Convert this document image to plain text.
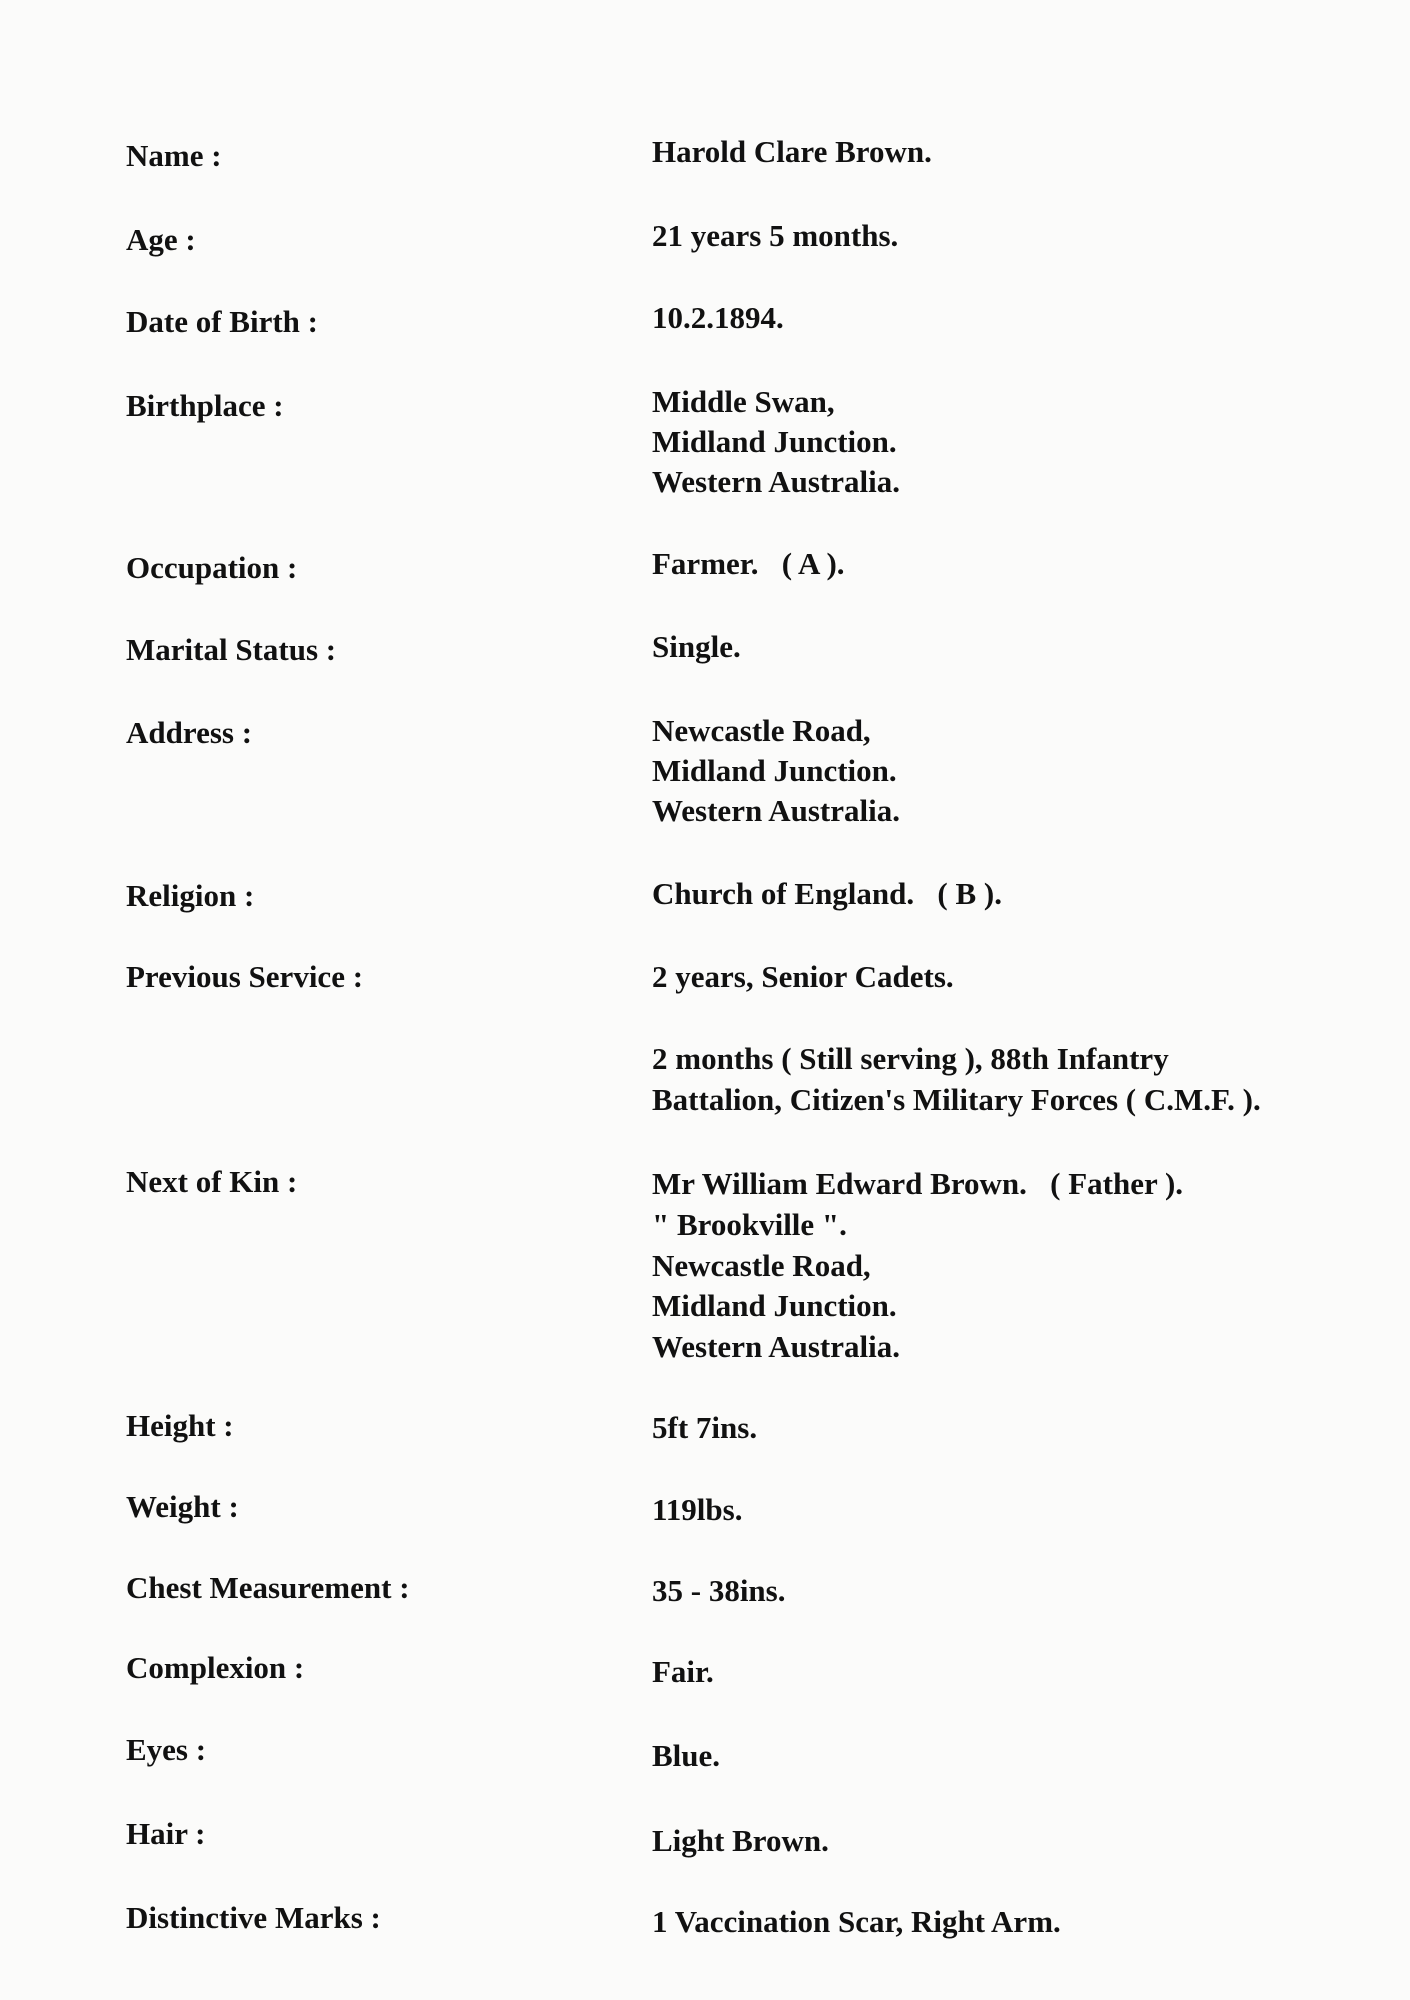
Name :	Harold Clare Brown.
Age :	21 years 5 months.
Date of Birth :	10.2.1894.
Birthplace :	Middle Swan,
Midland Junction.
Western Australia.
Occupation :	Farmer.   ( A ).
Marital Status :	Single.
Address :	Newcastle Road,
Midland Junction.
Western Australia.
Religion :	Church of England.   ( B ).
Previous Service :	2 years, Senior Cadets.
2 months ( Still serving ), 88th Infantry
Battalion, Citizen's Military Forces ( C.M.F. ).
Next of Kin :	Mr William Edward Brown.   ( Father ).
" Brookville ".
Newcastle Road,
Midland Junction.
Western Australia.
Height :	5ft 7ins.
Weight :	119lbs.
Chest Measurement :	35 - 38ins.
Complexion :	Fair.
Eyes :	Blue.
Hair :	Light Brown.
Distinctive Marks :	1 Vaccination Scar, Right Arm.
